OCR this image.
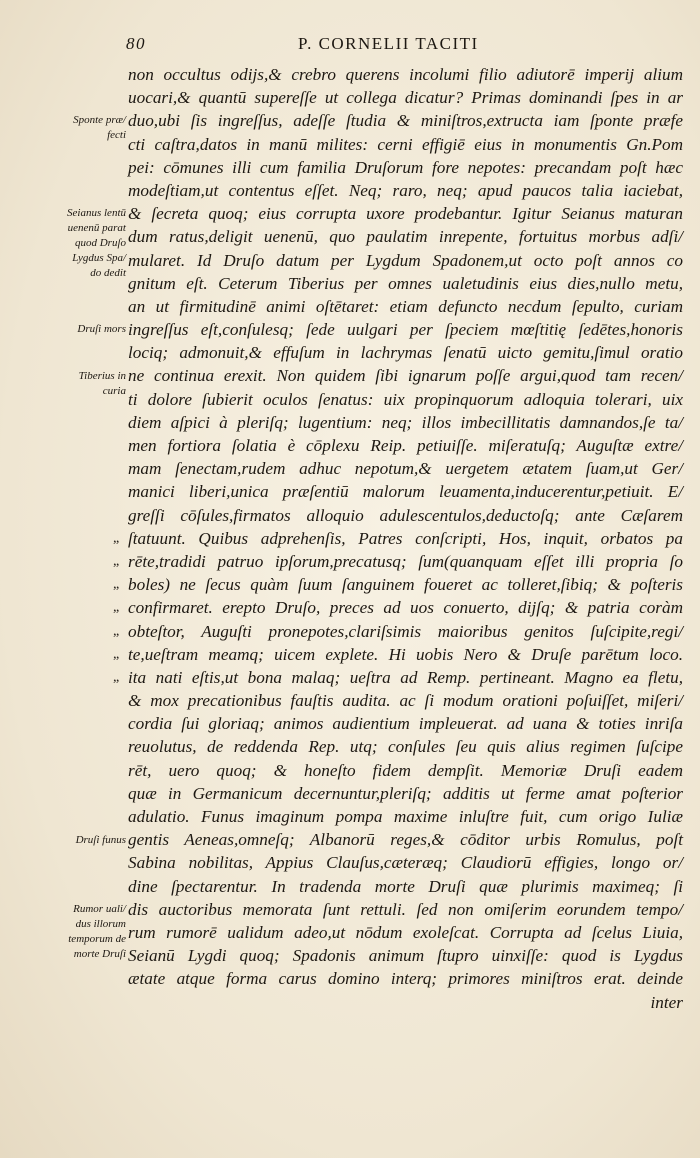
80	P. CORNELII TACITI
non occultus odijs,& crebro querens incolumi filio adiutorē imperij alium
uocari,& quantū supereſſe ut collega dicatur? Primas dominandi ſpes in ar
duo,ubi ſis ingreſſus, adeſſe ſtudia & miniſtros,extructa iam ſponte præfe
cti caſtra,datos in manū milites: cerni effigiē eius in monumentis Gn.Pom
pei: cōmunes illi cum familia Druſorum fore nepotes: precandam poſt hæc
modeſtiam,ut contentus eſſet. Neq; raro, neq; apud paucos talia iaciebat,
& ſecreta quoq; eius corrupta uxore prodebantur. Igitur Seianus maturan
dum ratus,deligit uenenū, quo paulatim inrepente, fortuitus morbus adſi/
mularet. Id Druſo datum per Lygdum Spadonem,ut octo poſt annos co
gnitum eſt. Ceterum Tiberius per omnes ualetudinis eius dies,nullo metu,
an ut firmitudinē animi oſtētaret: etiam defuncto necdum ſepulto, curiam
ingreſſus eſt,conſulesq; ſede uulgari per ſpeciem mœſtitię ſedētes,honoris
lociq; admonuit,& effuſum in lachrymas ſenatū uicto gemitu,ſimul oratio
ne continua erexit. Non quidem ſibi ignarum poſſe argui,quod tam recen/
ti dolore ſubierit oculos ſenatus: uix propinquorum adloquia tolerari, uix
diem aſpici à pleriſq; lugentium: neq; illos imbecillitatis damnandos,ſe ta/
men fortiora ſolatia è cōplexu Reip. petiuiſſe. miſeratuſq; Auguſtæ extre/
mam ſenectam,rudem adhuc nepotum,& uergetem ætatem ſuam,ut Ger/
manici liberi,unica præſentiū malorum leuamenta,inducerentur,petiuit. E/
greſſi cōſules,firmatos alloquio adulescentulos,deductoſq; ante Cæſarem
„ ſtatuunt. Quibus adprehenſis, Patres conſcripti, Hos, inquit, orbatos pa
„ rēte,tradidi patruo ipſorum,precatusq; ſum(quanquam eſſet illi propria ſo
„ boles) ne ſecus quàm ſuum ſanguinem foueret ac tolleret,ſibiq; & poſteris
„ confirmaret. erepto Druſo, preces ad uos conuerto, dijſq; & patria coràm
„ obteſtor, Auguſti pronepotes,clariſsimis maioribus genitos ſuſcipite,regi/
„ te,ueſtram meamq; uicem explete. Hi uobis Nero & Druſe parētum loco.
„ ita nati eſtis,ut bona malaq; ueſtra ad Remp. pertineant. Magno ea fletu,
& mox precationibus fauſtis audita. ac ſi modum orationi poſuiſſet, miſeri/
cordia ſui gloriaq; animos audientium impleuerat. ad uana & toties inriſa
reuolutus, de reddenda Rep. utq; conſules ſeu quis alius regimen ſuſcipe
rēt, uero quoq; & honeſto fidem dempſit. Memoriæ Druſi eadem
quæ in Germanicum decernuntur,pleriſq; additis ut ferme amat poſterior
adulatio. Funus imaginum pompa maxime inluſtre fuit, cum origo Iuliæ
gentis Aeneas,omneſq; Albanorū reges,& cōditor urbis Romulus, poſt
Sabina nobilitas, Appius Clauſus,cæteræq; Claudiorū effigies, longo or/
dine ſpectarentur. In tradenda morte Druſi quæ plurimis maximeq; ſi
dis auctoribus memorata ſunt rettuli. ſed non omiſerim eorundem tempo/
rum rumorē ualidum adeo,ut nōdum exoleſcat. Corrupta ad ſcelus Liuia,
Seianū Lygdi quoq; Spadonis animum ſtupro uinxiſſe: quod is Lygdus
ætate atque forma carus domino interq; primores miniſtros erat. deinde
inter
Sponte præ/
fecti
Seianus lentū
uenenū parat
quod Druſo
Lygdus Spa/
do dedit
Druſi mors
Tiberius in
curia
Druſi funus
Rumor uali/
dus illorum
temporum de
morte Druſi
